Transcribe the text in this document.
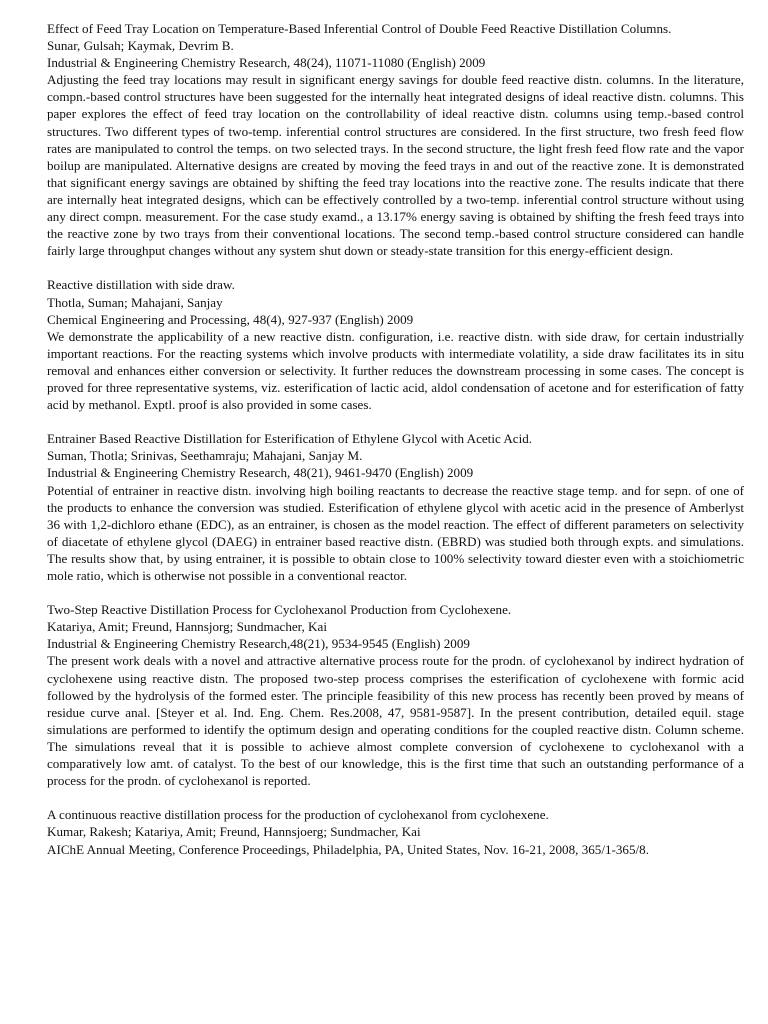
Effect of Feed Tray Location on Temperature-Based Inferential Control of Double Feed Reactive Distillation Columns.
Sunar, Gulsah; Kaymak, Devrim B.
Industrial & Engineering Chemistry Research, 48(24), 11071-11080 (English) 2009
Adjusting the feed tray locations may result in significant energy savings for double feed reactive distn. columns. In the literature, compn.-based control structures have been suggested for the internally heat integrated designs of ideal reactive distn. columns. This paper explores the effect of feed tray location on the controllability of ideal reactive distn. columns using temp.-based control structures. Two different types of two-temp. inferential control structures are considered. In the first structure, two fresh feed flow rates are manipulated to control the temps. on two selected trays. In the second structure, the light fresh feed flow rate and the vapor boilup are manipulated. Alternative designs are created by moving the feed trays in and out of the reactive zone. It is demonstrated that significant energy savings are obtained by shifting the feed tray locations into the reactive zone. The results indicate that there are internally heat integrated designs, which can be effectively controlled by a two-temp. inferential control structure without using any direct compn. measurement. For the case study examd., a 13.17% energy saving is obtained by shifting the fresh feed trays into the reactive zone by two trays from their conventional locations. The second temp.-based control structure considered can handle fairly large throughput changes without any system shut down or steady-state transition for this energy-efficient design.
Reactive distillation with side draw.
Thotla, Suman; Mahajani, Sanjay
Chemical Engineering and Processing, 48(4), 927-937 (English) 2009
We demonstrate the applicability of a new reactive distn. configuration, i.e. reactive distn. with side draw, for certain industrially important reactions. For the reacting systems which involve products with intermediate volatility, a side draw facilitates its in situ removal and enhances either conversion or selectivity. It further reduces the downstream processing in some cases. The concept is proved for three representative systems, viz. esterification of lactic acid, aldol condensation of acetone and for esterification of fatty acid by methanol. Exptl. proof is also provided in some cases.
Entrainer Based Reactive Distillation for Esterification of Ethylene Glycol with Acetic Acid.
Suman, Thotla; Srinivas, Seethamraju; Mahajani, Sanjay M.
Industrial & Engineering Chemistry Research, 48(21), 9461-9470 (English) 2009
Potential of entrainer in reactive distn. involving high boiling reactants to decrease the reactive stage temp. and for sepn. of one of the products to enhance the conversion was studied. Esterification of ethylene glycol with acetic acid in the presence of Amberlyst 36 with 1,2-dichloro ethane (EDC), as an entrainer, is chosen as the model reaction. The effect of different parameters on selectivity of diacetate of ethylene glycol (DAEG) in entrainer based reactive distn. (EBRD) was studied both through expts. and simulations. The results show that, by using entrainer, it is possible to obtain close to 100% selectivity toward diester even with a stoichiometric mole ratio, which is otherwise not possible in a conventional reactor.
Two-Step Reactive Distillation Process for Cyclohexanol Production from Cyclohexene.
Katariya, Amit; Freund, Hannsjorg; Sundmacher, Kai
Industrial & Engineering Chemistry Research,48(21), 9534-9545 (English) 2009
The present work deals with a novel and attractive alternative process route for the prodn. of cyclohexanol by indirect hydration of cyclohexene using reactive distn. The proposed two-step process comprises the esterification of cyclohexene with formic acid followed by the hydrolysis of the formed ester. The principle feasibility of this new process has recently been proved by means of residue curve anal. [Steyer et al. Ind. Eng. Chem. Res.2008, 47, 9581-9587]. In the present contribution, detailed equil. stage simulations are performed to identify the optimum design and operating conditions for the coupled reactive distn. Column scheme. The simulations reveal that it is possible to achieve almost complete conversion of cyclohexene to cyclohexanol with a comparatively low amt. of catalyst. To the best of our knowledge, this is the first time that such an outstanding performance of a process for the prodn. of cyclohexanol is reported.
A continuous reactive distillation process for the production of cyclohexanol from cyclohexene.
Kumar, Rakesh; Katariya, Amit; Freund, Hannsjoerg; Sundmacher, Kai
AIChE Annual Meeting, Conference Proceedings, Philadelphia, PA, United States, Nov. 16-21, 2008, 365/1-365/8.
